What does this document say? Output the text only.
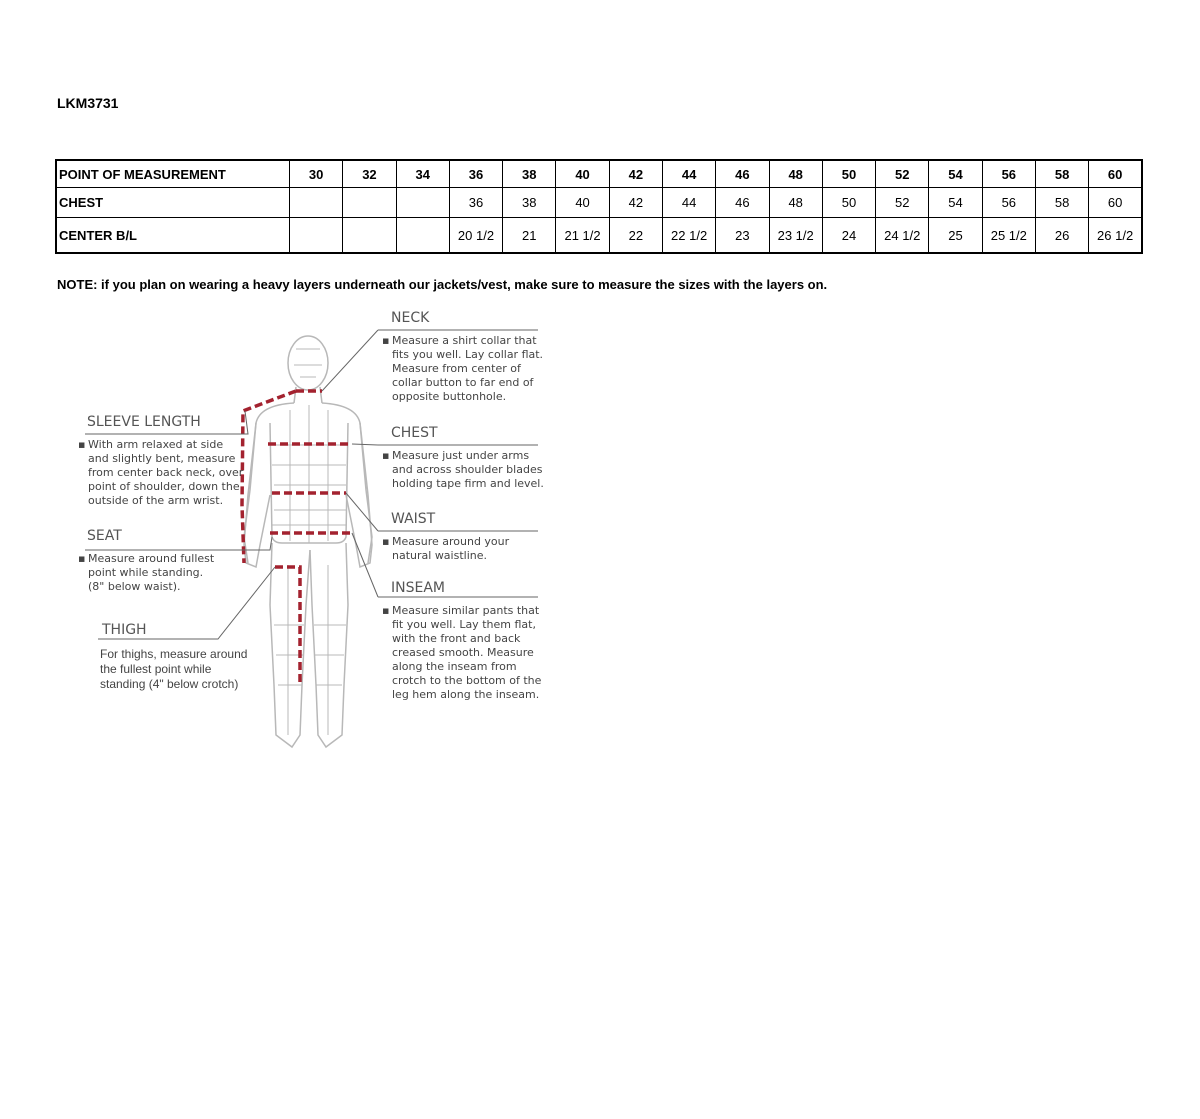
LKM3731
POINT OF MEASUREMENT	30	32	34	36	38	40	42	44	46	48	50	52	54	56	58	60
CHEST				36	38	40	42	44	46	48	50	52	54	56	58	60
CENTER B/L				20 1/2	21	21 1/2	22	22 1/2	23	23 1/2	24	24 1/2	25	25 1/2	26	26 1/2
NOTE: if you plan on wearing a heavy layers underneath our jackets/vest, make sure to measure the sizes with the layers on.
NECK
▪ Measure a shirt collar that
fits you well. Lay collar flat.
Measure from center of
collar button to far end of
opposite buttonhole.
CHEST
▪ Measure just under arms
and across shoulder blades
holding tape firm and level.
WAIST
▪ Measure around your
natural waistline.
INSEAM
▪ Measure similar pants that
fit you well. Lay them flat,
with the front and back
creased smooth. Measure
along the inseam from
crotch to the bottom of the
leg hem along the inseam.
SLEEVE LENGTH
▪ With arm relaxed at side
and slightly bent, measure
from center back neck, over
point of shoulder, down the
outside of the arm wrist.
SEAT
▪ Measure around fullest
point while standing.
(8" below waist).
THIGH
For thighs, measure around
the fullest point while
standing (4" below crotch)
